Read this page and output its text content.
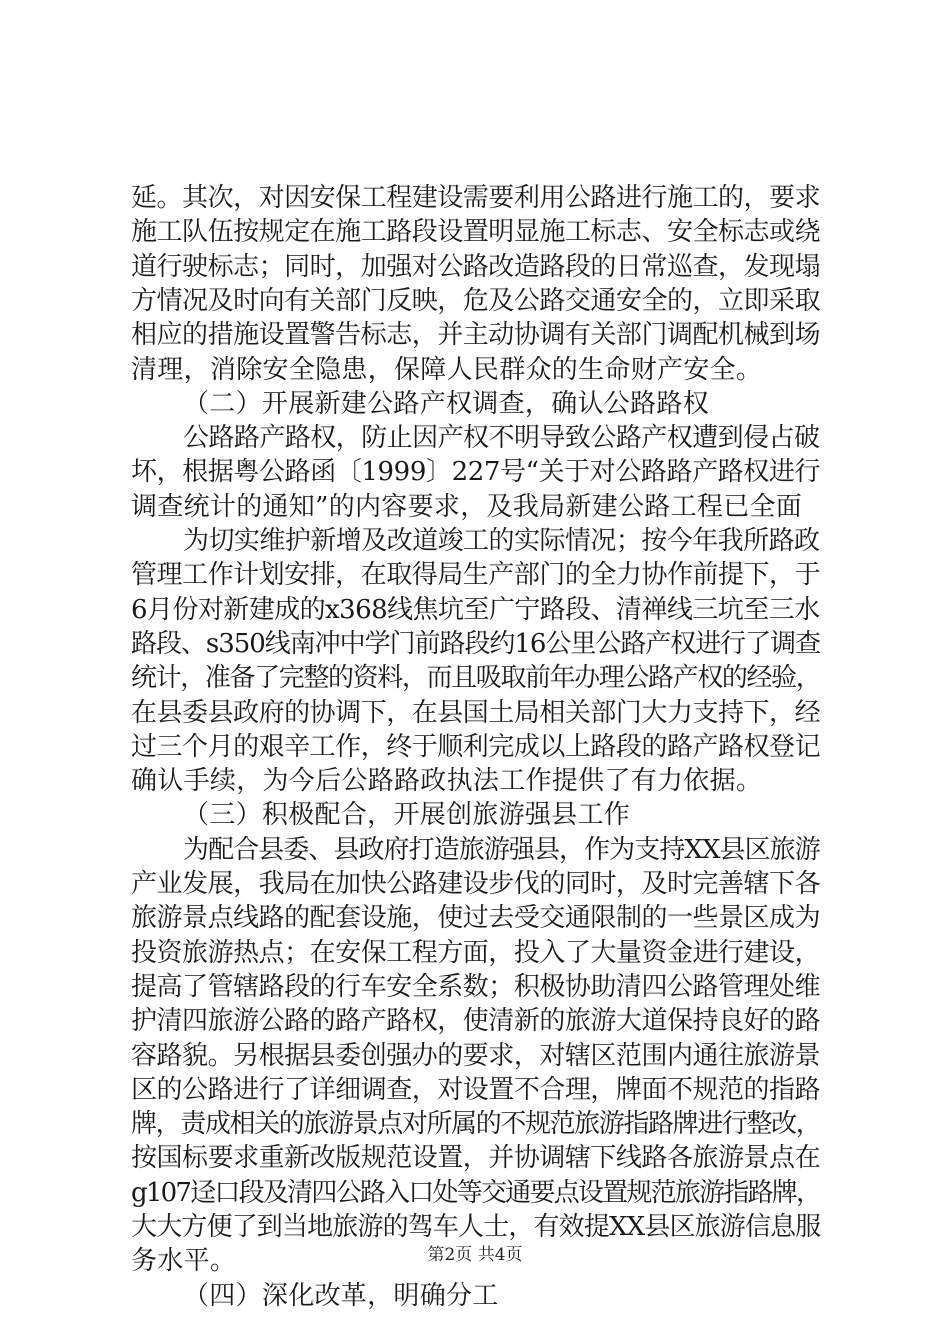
延。其次，对因安保工程建设需要利用公路进行施工的，要求
施工队伍按规定在施工路段设置明显施工标志、安全标志或绕
道行驶标志；同时，加强对公路改造路段的日常巡查，发现塌
方情况及时向有关部门反映，危及公路交通安全的，立即采取
相应的措施设置警告标志，并主动协调有关部门调配机械到场
清理，消除安全隐患，保障人民群众的生命财产安全。
（二）开展新建公路产权调查，确认公路路权
公路路产路权，防止因产权不明导致公路产权遭到侵占破
坏，根据粤公路函〔1999〕227号“关于对公路路产路权进行
调查统计的通知”的内容要求，及我局新建公路工程已全面
为切实维护新增及改道竣工的实际情况；按今年我所路政
管理工作计划安排，在取得局生产部门的全力协作前提下，于
6月份对新建成的x368线焦坑至广宁路段、清禅线三坑至三水
路段、s350线南冲中学门前路段约16公里公路产权进行了调查
统计，准备了完整的资料，而且吸取前年办理公路产权的经验，
在县委县政府的协调下，在县国土局相关部门大力支持下，经
过三个月的艰辛工作，终于顺利完成以上路段的路产路权登记
确认手续，为今后公路路政执法工作提供了有力依据。
（三）积极配合，开展创旅游强县工作
为配合县委、县政府打造旅游强县，作为支持XX县区旅游
产业发展，我局在加快公路建设步伐的同时，及时完善辖下各
旅游景点线路的配套设施，使过去受交通限制的一些景区成为
投资旅游热点；在安保工程方面，投入了大量资金进行建设，
提高了管辖路段的行车安全系数；积极协助清四公路管理处维
护清四旅游公路的路产路权，使清新的旅游大道保持良好的路
容路貌。另根据县委创强办的要求，对辖区范围内通往旅游景
区的公路进行了详细调查，对设置不合理，牌面不规范的指路
牌，责成相关的旅游景点对所属的不规范旅游指路牌进行整改，
按国标要求重新改版规范设置，并协调辖下线路各旅游景点在
g107迳口段及清四公路入口处等交通要点设置规范旅游指路牌，
大大方便了到当地旅游的驾车人士，有效提XX县区旅游信息服
务水平。
（四）深化改革，明确分工
第2页 共4页
